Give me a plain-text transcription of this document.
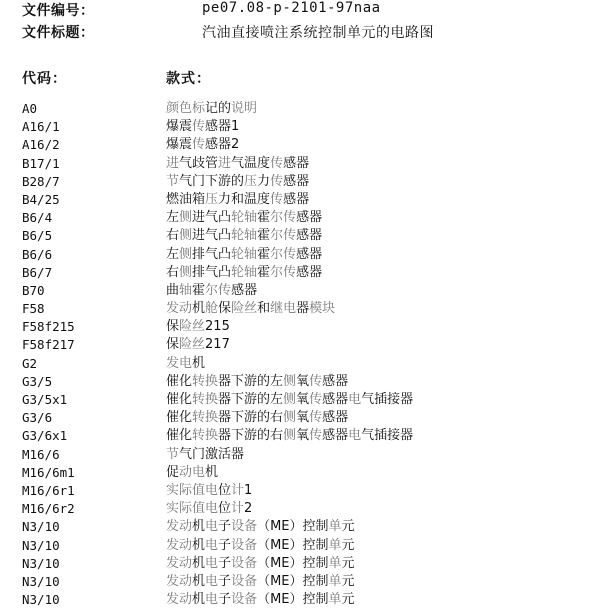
文件编号：	pe07.08-p-2101-97naa
文件标题：	汽油直接喷注系统控制单元的电路图
代码：	款式：
A0	颜色标记的说明
A16/1	爆震传感器1
A16/2	爆震传感器2
B17/1	进气歧管进气温度传感器
B28/7	节气门下游的压力传感器
B4/25	燃油箱压力和温度传感器
B6/4	左侧进气凸轮轴霍尔传感器
B6/5	右侧进气凸轮轴霍尔传感器
B6/6	左侧排气凸轮轴霍尔传感器
B6/7	右侧排气凸轮轴霍尔传感器
B70	曲轴霍尔传感器
F58	发动机舱保险丝和继电器模块
F58f215	保险丝215
F58f217	保险丝217
G2	发电机
G3/5	催化转换器下游的左侧氧传感器
G3/5x1	催化转换器下游的左侧氧传感器电气插接器
G3/6	催化转换器下游的右侧氧传感器
G3/6x1	催化转换器下游的右侧氧传感器电气插接器
M16/6	节气门激活器
M16/6m1	促动电机
M16/6r1	实际值电位计1
M16/6r2	实际值电位计2
N3/10	发动机电子设备（ME）控制单元
N3/10	发动机电子设备（ME）控制单元
N3/10	发动机电子设备（ME）控制单元
N3/10	发动机电子设备（ME）控制单元
N3/10	发动机电子设备（ME）控制单元
